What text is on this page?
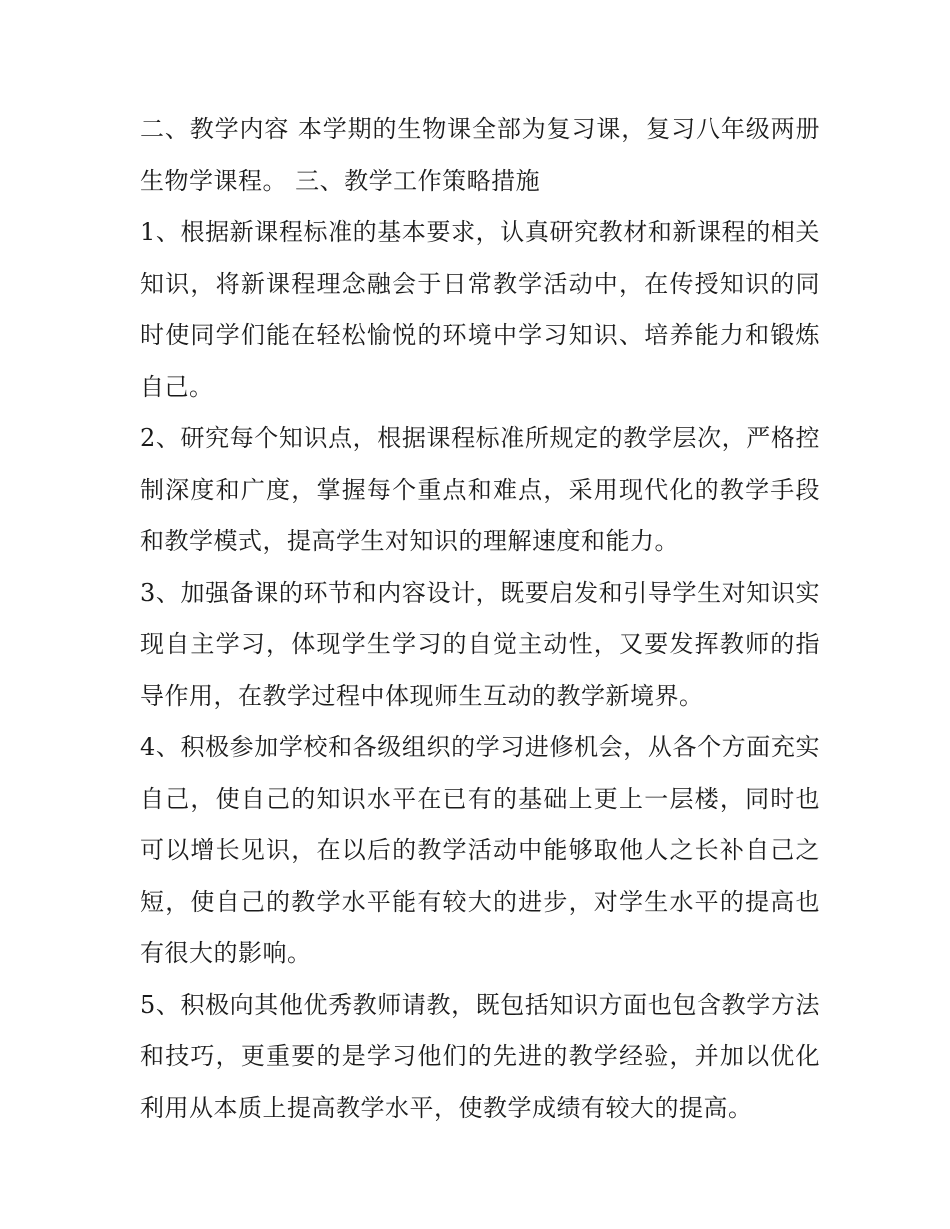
二、教学内容 本学期的生物课全部为复习课，复习八年级两册生物学课程。 三、教学工作策略措施

1、根据新课程标准的基本要求，认真研究教材和新课程的相关知识，将新课程理念融会于日常教学活动中，在传授知识的同时使同学们能在轻松愉悦的环境中学习知识、培养能力和锻炼自己。

2、研究每个知识点，根据课程标准所规定的教学层次，严格控制深度和广度，掌握每个重点和难点，采用现代化的教学手段和教学模式，提高学生对知识的理解速度和能力。

3、加强备课的环节和内容设计，既要启发和引导学生对知识实现自主学习，体现学生学习的自觉主动性，又要发挥教师的指导作用，在教学过程中体现师生互动的教学新境界。

4、积极参加学校和各级组织的学习进修机会，从各个方面充实自己，使自己的知识水平在已有的基础上更上一层楼，同时也可以增长见识，在以后的教学活动中能够取他人之长补自己之短，使自己的教学水平能有较大的进步，对学生水平的提高也有很大的影响。

5、积极向其他优秀教师请教，既包括知识方面也包含教学方法和技巧，更重要的是学习他们的先进的教学经验，并加以优化利用从本质上提高教学水平，使教学成绩有较大的提高。
